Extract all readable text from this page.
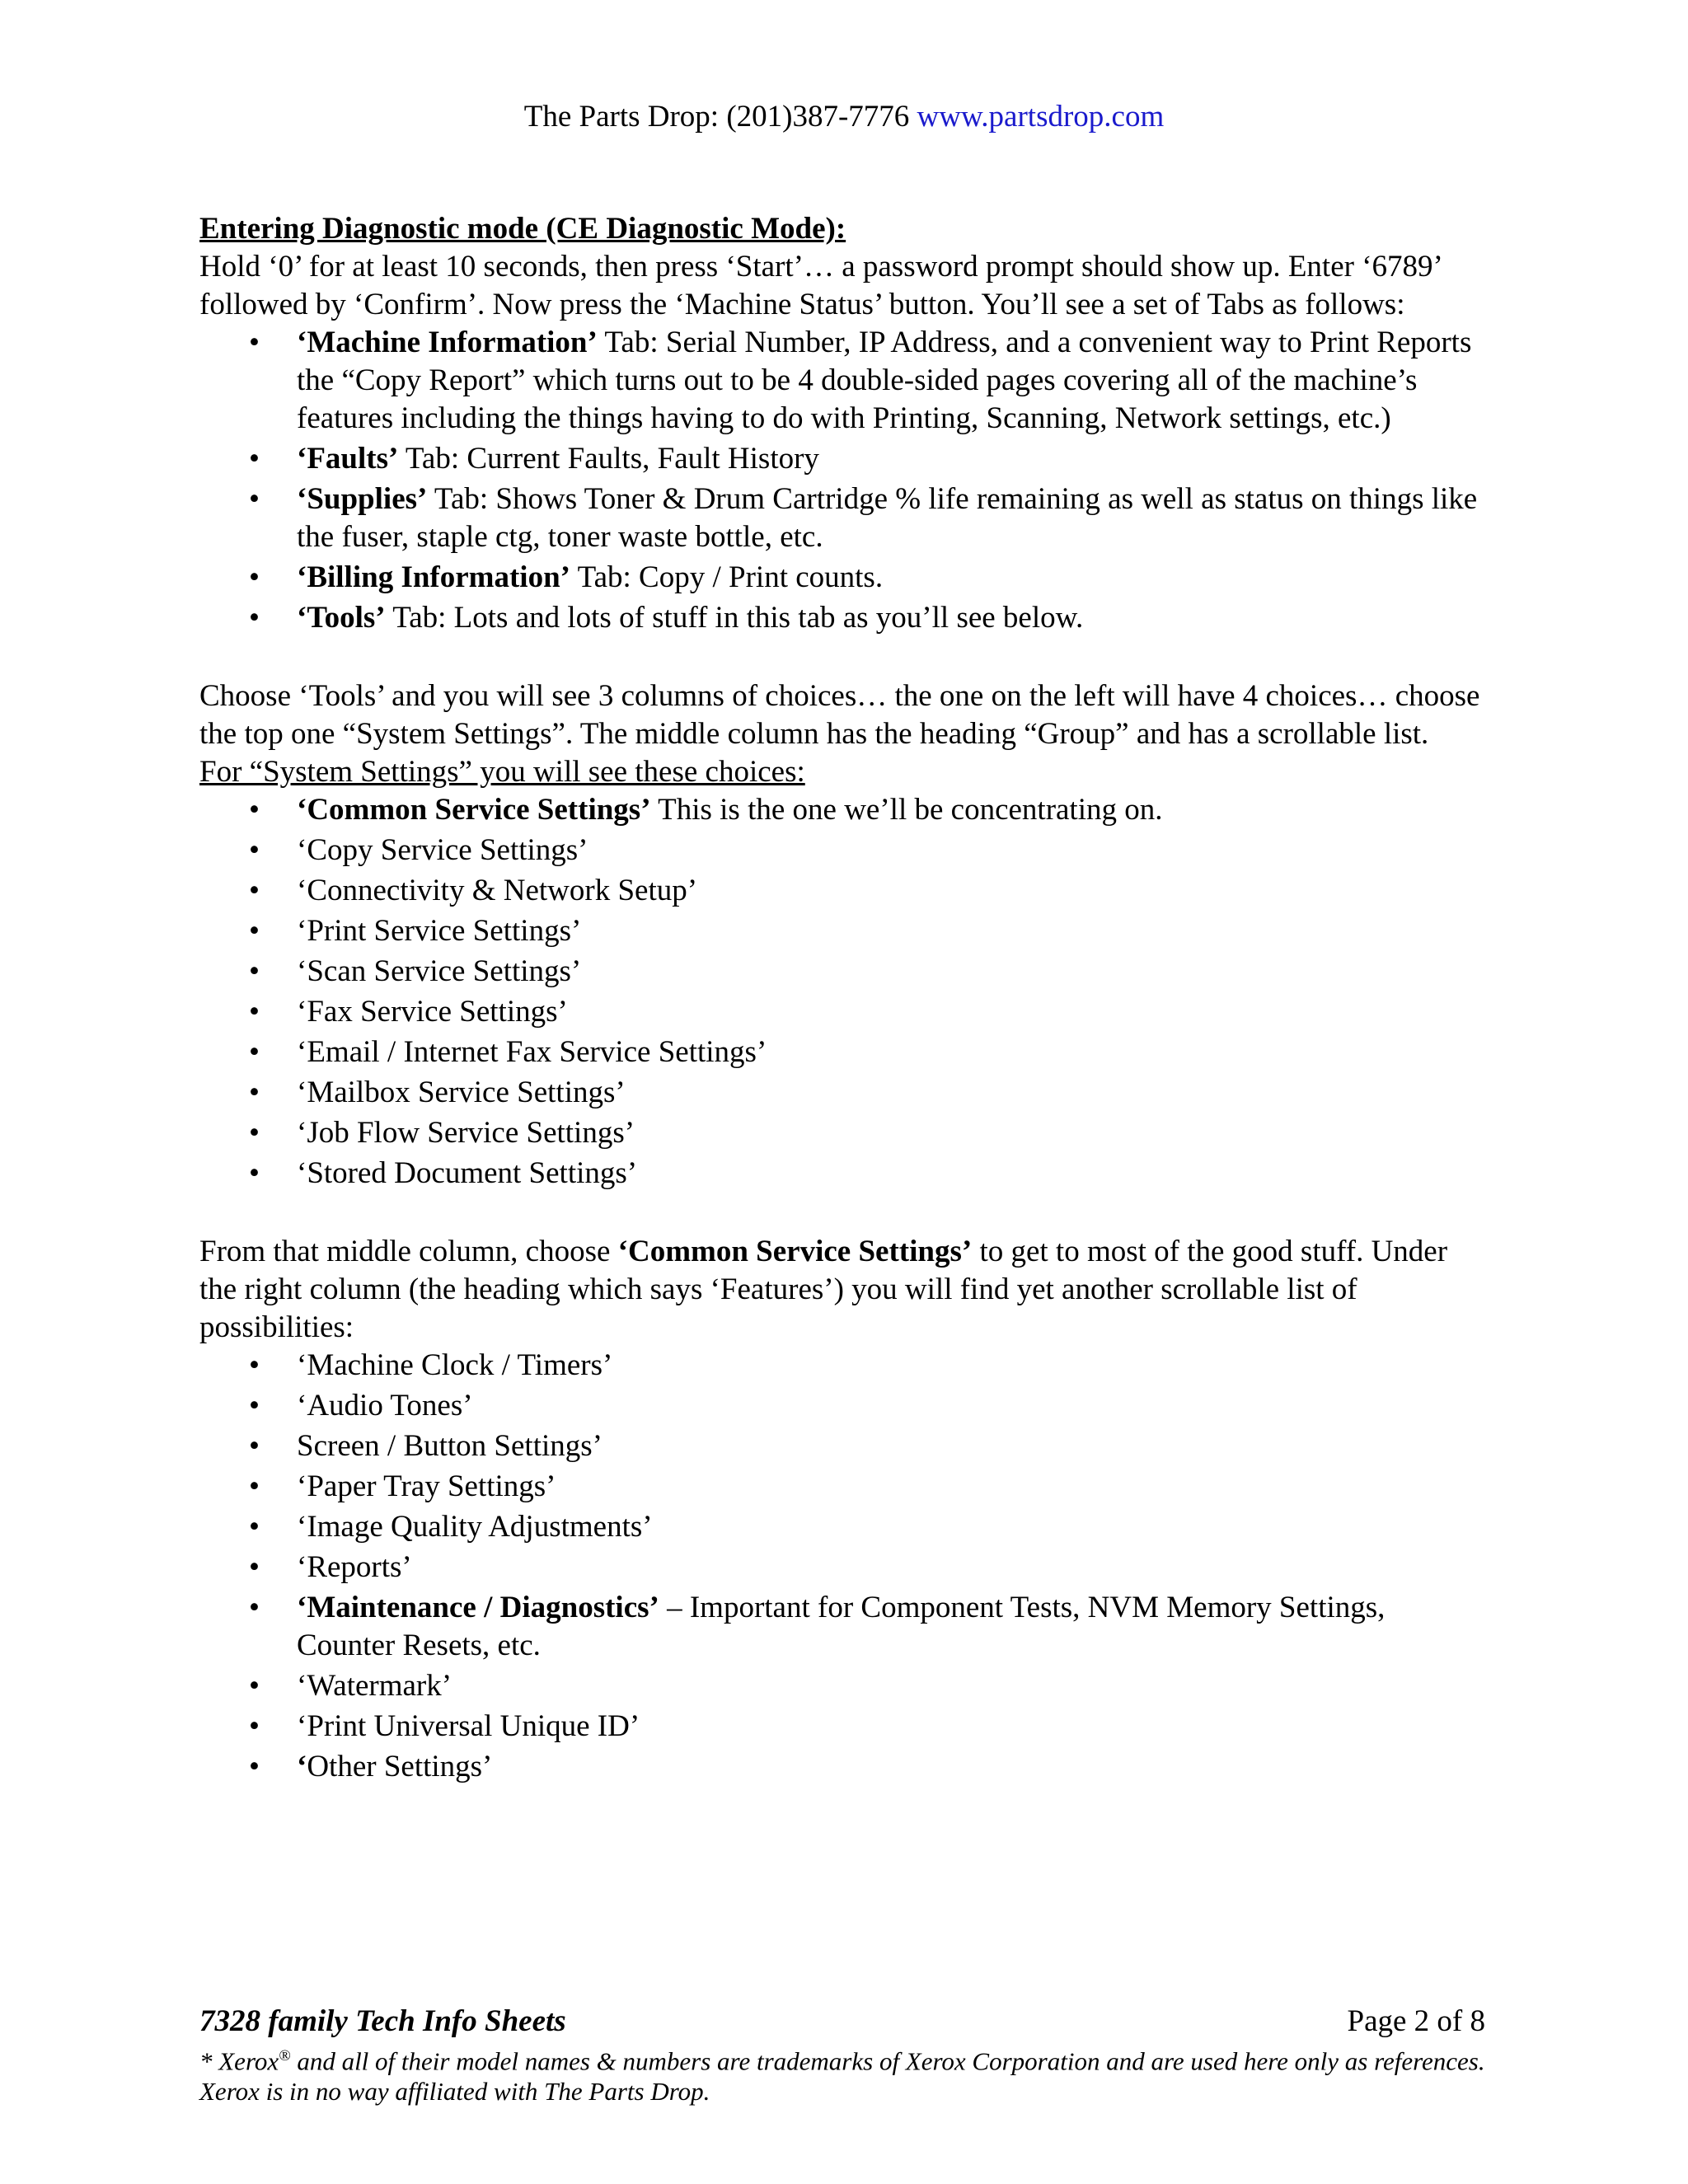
The Parts Drop: (201)387-7776 www.partsdrop.com

Entering Diagnostic mode (CE Diagnostic Mode):

Hold ‘0’ for at least 10 seconds, then press ‘Start’… a password prompt should show up. Enter ‘6789’ followed by ‘Confirm’. Now press the ‘Machine Status’ button. You’ll see a set of Tabs as follows:

• ‘Machine Information’ Tab: Serial Number, IP Address, and a convenient way to Print Reports the “Copy Report” which turns out to be 4 double-sided pages covering all of the machine’s features including the things having to do with Printing, Scanning, Network settings, etc.)
• ‘Faults’ Tab: Current Faults, Fault History
• ‘Supplies’ Tab: Shows Toner & Drum Cartridge % life remaining as well as status on things like the fuser, staple ctg, toner waste bottle, etc.
• ‘Billing Information’ Tab: Copy / Print counts.
• ‘Tools’ Tab: Lots and lots of stuff in this tab as you’ll see below.

Choose ‘Tools’ and you will see 3 columns of choices… the one on the left will have 4 choices… choose the top one “System Settings”. The middle column has the heading “Group” and has a scrollable list.

For “System Settings” you will see these choices:

• ‘Common Service Settings’ This is the one we’ll be concentrating on.
• ‘Copy Service Settings’
• ‘Connectivity & Network Setup’
• ‘Print Service Settings’
• ‘Scan Service Settings’
• ‘Fax Service Settings’
• ‘Email / Internet Fax Service Settings’
• ‘Mailbox Service Settings’
• ‘Job Flow Service Settings’
• ‘Stored Document Settings’

From that middle column, choose ‘Common Service Settings’ to get to most of the good stuff. Under the right column (the heading which says ‘Features’) you will find yet another scrollable list of possibilities:

• ‘Machine Clock / Timers’
• ‘Audio Tones’
• Screen / Button Settings’
• ‘Paper Tray Settings’
• ‘Image Quality Adjustments’
• ‘Reports’
• ‘Maintenance / Diagnostics’ – Important for Component Tests, NVM Memory Settings, Counter Resets, etc.
• ‘Watermark’
• ‘Print Universal Unique ID’
• ‘Other Settings’
7328 family Tech Info Sheets	Page 2 of 8

* Xerox® and all of their model names & numbers are trademarks of Xerox Corporation and are used here only as references. Xerox is in no way affiliated with The Parts Drop.
